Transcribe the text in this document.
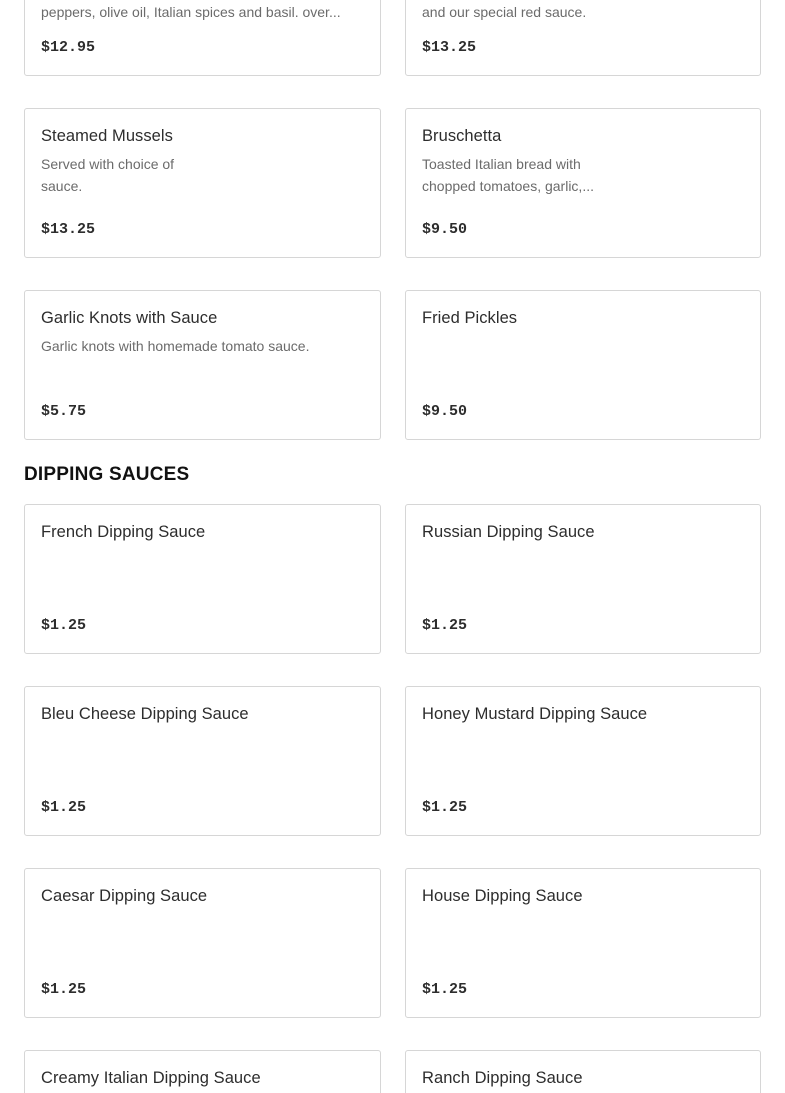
peppers, olive oil, Italian spices and basil. over...
$12.95
and our special red sauce.
$13.25
Steamed Mussels
Served with choice of sauce.
$13.25
Bruschetta
Toasted Italian bread with chopped tomatoes, garlic,...
$9.50
Garlic Knots with Sauce
Garlic knots with homemade tomato sauce.
$5.75
Fried Pickles
$9.50
DIPPING SAUCES
French Dipping Sauce
$1.25
Russian Dipping Sauce
$1.25
Bleu Cheese Dipping Sauce
$1.25
Honey Mustard Dipping Sauce
$1.25
Caesar Dipping Sauce
$1.25
House Dipping Sauce
$1.25
Creamy Italian Dipping Sauce	Ranch Dipping Sauce
